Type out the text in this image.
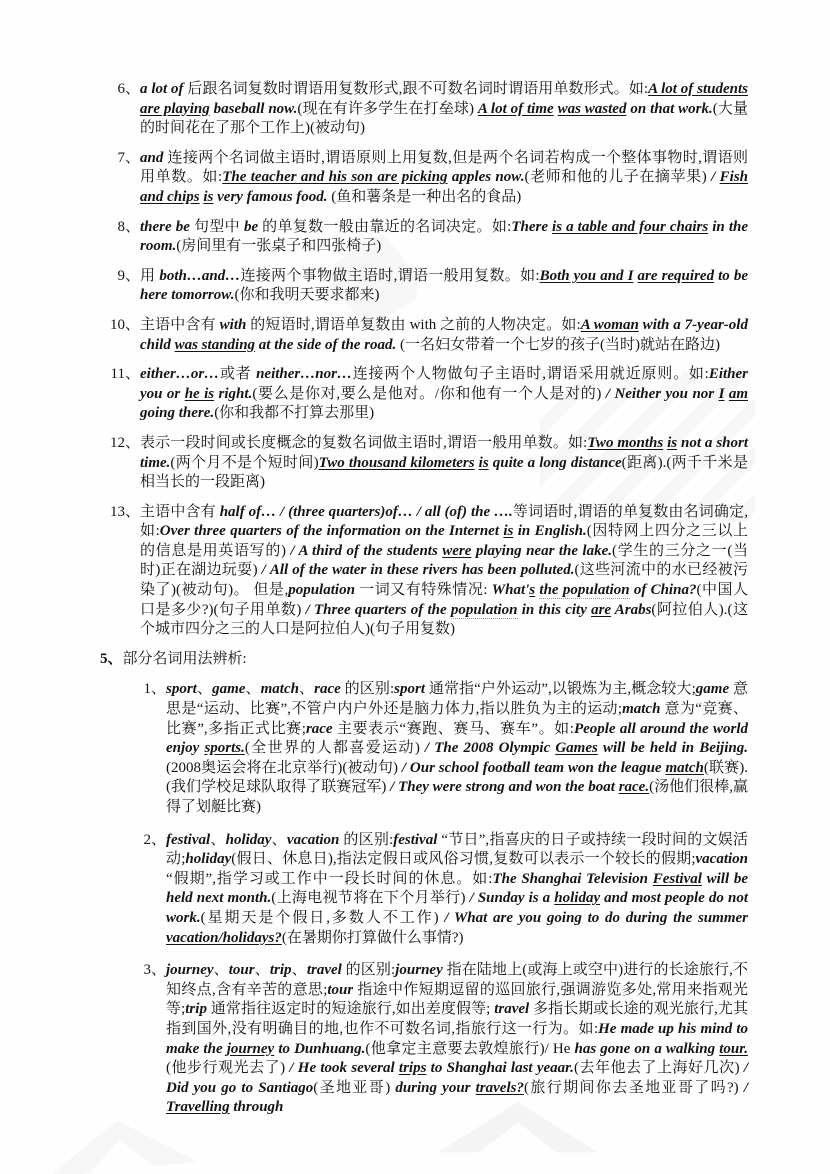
6、 a lot of 后跟名词复数时谓语用复数形式,跟不可数名词时谓语用单数形式。如:A lot of students are playing baseball now.(现在有许多学生在打垒球) A lot of time was wasted on that work.(大量的时间花在了那个工作上)(被动句)

7、 and 连接两个名词做主语时,谓语原则上用复数,但是两个名词若构成一个整体事物时,谓语则用单数。如:The teacher and his son are picking apples now.(老师和他的儿子在摘苹果) / Fish and chips is very famous food. (鱼和薯条是一种出名的食品)

8、 there be 句型中 be 的单复数一般由靠近的名词决定。如:There is a table and four chairs in the room.(房间里有一张桌子和四张椅子)

9、 用 both…and…连接两个事物做主语时,谓语一般用复数。如:Both you and I are required to be here tomorrow.(你和我明天要求都来)

10、 主语中含有 with 的短语时,谓语单复数由 with 之前的人物决定。如:A woman with a 7-year-old child was standing at the side of the road. (一名妇女带着一个七岁的孩子(当时)就站在路边)

11、 either…or…或者 neither…nor…连接两个人物做句子主语时,谓语采用就近原则。如:Either you or he is right.(要么是你对,要么是他对。/你和他有一个人是对的) / Neither you nor I am going there.(你和我都不打算去那里)

12、 表示一段时间或长度概念的复数名词做主语时,谓语一般用单数。如:Two months is not a short time.(两个月不是个短时间)Two thousand kilometers is quite a long distance(距离).(两千千米是相当长的一段距离)

13、 主语中含有 half of… / (three quarters)of… / all (of) the ….等词语时,谓语的单复数由名词确定,如:Over three quarters of the information on the Internet is in English.(因特网上四分之三以上的信息是用英语写的) / A third of the students were playing near the lake.(学生的三分之一(当时)正在湖边玩耍) / All of the water in these rivers has been polluted.(这些河流中的水已经被污染了)(被动句)。 但是,population 一词又有特殊情况: What's the population of China?(中国人口是多少?)(句子用单数) / Three quarters of the population in this city are Arabs(阿拉伯人).(这个城市四分之三的人口是阿拉伯人)(句子用复数)

5、部分名词用法辨析:

1、 sport、game、match、race 的区别:sport 通常指“户外运动”,以锻炼为主,概念较大;game 意思是“运动、比赛”,不管户内户外还是脑力体力,指以胜负为主的运动;match 意为“竞赛、比赛”,多指正式比赛;race 主要表示“赛跑、赛马、赛车”。如:People all around the world enjoy sports.(全世界的人都喜爱运动) / The 2008 Olympic Games will be held in Beijing.(2008奥运会将在北京举行)(被动句) / Our school football team won the league match(联赛).(我们学校足球队取得了联赛冠军) / They were strong and won the boat race.(汤他们很棒,赢得了划艇比赛)

2、 festival、holiday、vacation 的区别:festival “节日”,指喜庆的日子或持续一段时间的文娱活动;holiday(假日、休息日),指法定假日或风俗习惯,复数可以表示一个较长的假期;vacation “假期”,指学习或工作中一段长时间的休息。如:The Shanghai Television Festival will be held next month.(上海电视节将在下个月举行) / Sunday is a holiday and most people do not work.(星期天是个假日,多数人不工作) / What are you going to do during the summer vacation/holidays?(在暑期你打算做什么事情?)

3、 journey、tour、trip、travel 的区别:journey 指在陆地上(或海上或空中)进行的长途旅行,不知终点,含有辛苦的意思;tour 指途中作短期逗留的巡回旅行,强调游览多处,常用来指观光等;trip 通常指往返定时的短途旅行,如出差度假等; travel 多指长期或长途的观光旅行,尤其指到国外,没有明确目的地,也作不可数名词,指旅行这一行为。如:He made up his mind to make the journey to Dunhuang.(他拿定主意要去敦煌旅行)/ He has gone on a walking tour.(他步行观光去了) / He took several trips to Shanghai last yeaar.(去年他去了上海好几次) / Did you go to Santiago(圣地亚哥) during your travels?(旅行期间你去圣地亚哥了吗?) / Travelling through
